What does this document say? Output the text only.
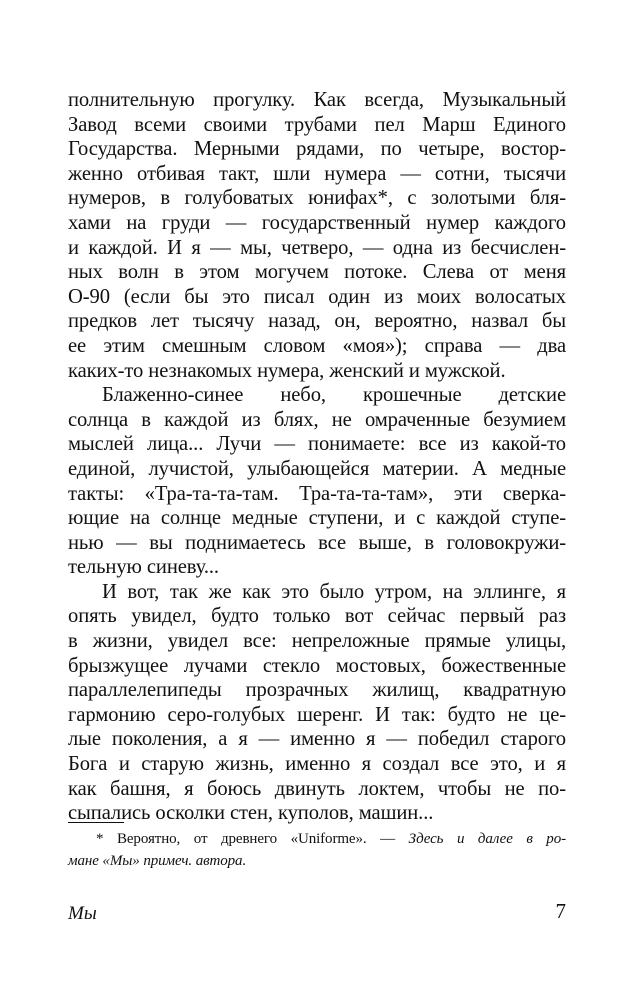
полнительную прогулку. Как всегда, Музыкальный
Завод всеми своими трубами пел Марш Единого
Государства. Мерными рядами, по четыре, востор-
женно отбивая такт, шли нумера — сотни, тысячи
нумеров, в голубоватых юнифах*, с золотыми бля-
хами на груди — государственный нумер каждого
и каждой. И я — мы, четверо, — одна из бесчислен-
ных волн в этом могучем потоке. Слева от меня
О-90 (если бы это писал один из моих волосатых
предков лет тысячу назад, он, вероятно, назвал бы
ее этим смешным словом «моя»); справа — два
каких-то незнакомых нумера, женский и мужской.

Блаженно-синее небо, крошечные детские
солнца в каждой из блях, не омраченные безумием
мыслей лица... Лучи — понимаете: все из какой-то
единой, лучистой, улыбающейся материи. А медные
такты: «Тра-та-та-там. Тра-та-та-там», эти сверка-
ющие на солнце медные ступени, и с каждой ступе-
нью — вы поднимаетесь все выше, в головокружи-
тельную синеву...

И вот, так же как это было утром, на эллинге, я
опять увидел, будто только вот сейчас первый раз
в жизни, увидел все: непреложные прямые улицы,
брызжущее лучами стекло мостовых, божественные
параллелепипеды прозрачных жилищ, квадратную
гармонию серо-голубых шеренг. И так: будто не це-
лые поколения, а я — именно я — победил старого
Бога и старую жизнь, именно я создал все это, и я
как башня, я боюсь двинуть локтем, чтобы не по-
сыпались осколки стен, куполов, машин...

* Вероятно, от древнего «Uniforme». — Здесь и далее в ро-
мане «Мы» примеч. автора.
Мы	7
